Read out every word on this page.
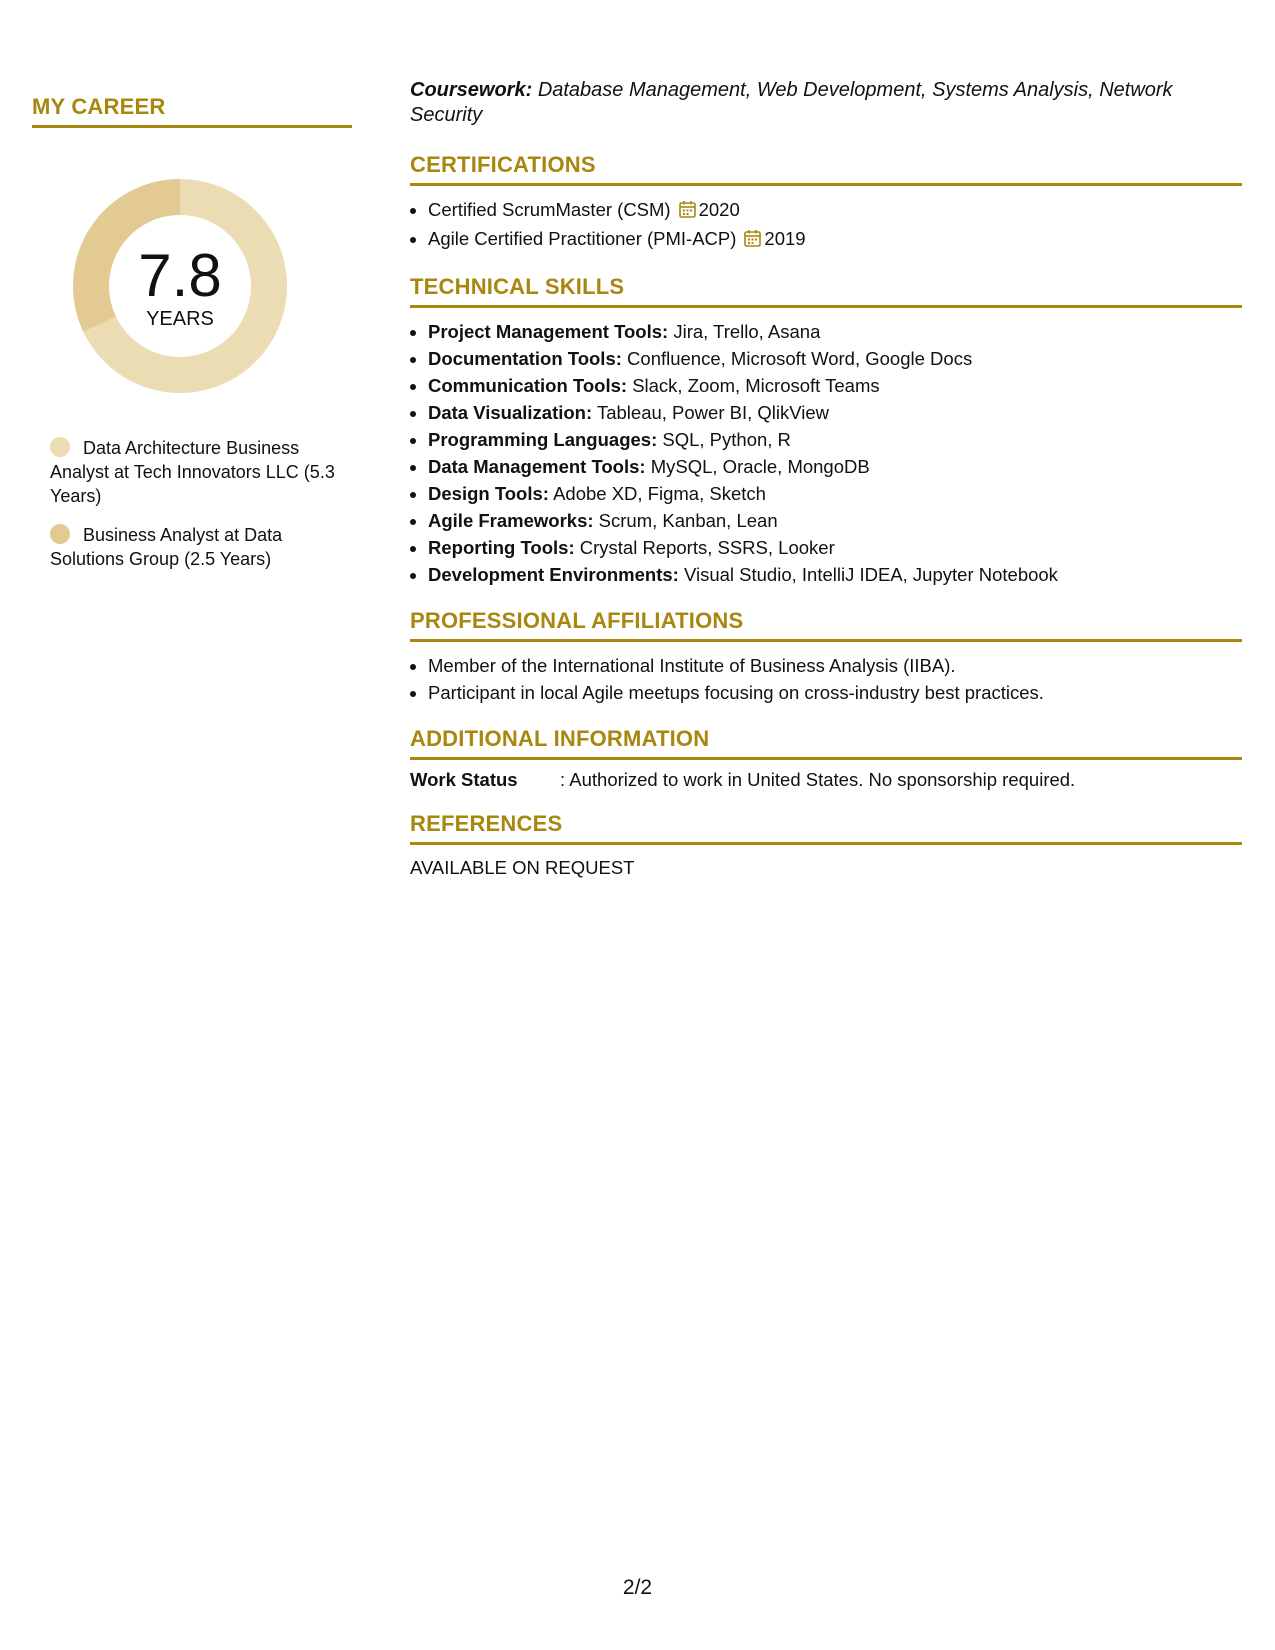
MY CAREER
7.8
YEARS
Data Architecture Business Analyst at Tech Innovators LLC (5.3 Years)
Business Analyst at Data Solutions Group (2.5 Years)

Coursework: Database Management, Web Development, Systems Analysis, Network Security

CERTIFICATIONS
• Certified ScrumMaster (CSM) 2020
• Agile Certified Practitioner (PMI-ACP) 2019
TECHNICAL SKILLS
• Project Management Tools: Jira, Trello, Asana
• Documentation Tools: Confluence, Microsoft Word, Google Docs
• Communication Tools: Slack, Zoom, Microsoft Teams
• Data Visualization: Tableau, Power BI, QlikView
• Programming Languages: SQL, Python, R
• Data Management Tools: MySQL, Oracle, MongoDB
• Design Tools: Adobe XD, Figma, Sketch
• Agile Frameworks: Scrum, Kanban, Lean
• Reporting Tools: Crystal Reports, SSRS, Looker
• Development Environments: Visual Studio, IntelliJ IDEA, Jupyter Notebook
PROFESSIONAL AFFILIATIONS
• Member of the International Institute of Business Analysis (IIBA).
• Participant in local Agile meetups focusing on cross-industry best practices.
ADDITIONAL INFORMATION
Work Status : Authorized to work in United States. No sponsorship required.
REFERENCES
AVAILABLE ON REQUEST
2/2
